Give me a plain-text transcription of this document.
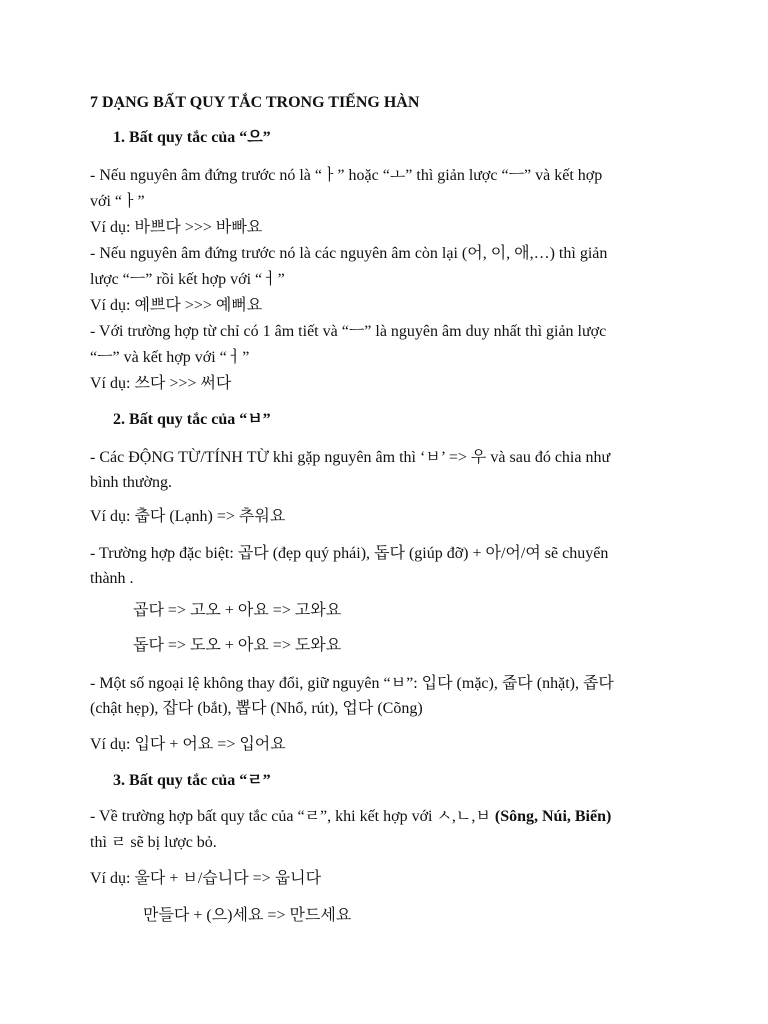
7 DẠNG BẤT QUY TẮC TRONG TIẾNG HÀN
1. Bất quy tắc của “으”
- Nếu nguyên âm đứng trước nó là “ㅏ” hoặc “ㅗ” thì giản lược “ㅡ” và kết hợp
với “ㅏ”
Ví dụ: 바쁘다 >>> 바빠요
- Nếu nguyên âm đứng trước nó là các nguyên âm còn lại (어, 이, 애,…) thì giản
lược “ㅡ” rồi kết hợp với “ㅓ”
Ví dụ: 예쁘다 >>> 예뻐요
- Với trường hợp từ chỉ có 1 âm tiết và “ㅡ” là nguyên âm duy nhất thì giản lược
“ㅡ” và kết hợp với “ㅓ”
Ví dụ: 쓰다 >>> 써다
2. Bất quy tắc của “ㅂ”
- Các ĐỘNG TỪ/TÍNH TỪ khi gặp nguyên âm thì ‘ㅂ’ => 우 và sau đó chia như
bình thường.
Ví dụ: 춥다 (Lạnh) => 추워요
- Trường hợp đặc biệt: 곱다 (đẹp quý phái), 돕다 (giúp đỡ) + 아/어/여 sẽ chuyển
thành .
곱다 => 고오 + 아요 => 고와요
돕다 => 도오 + 아요 => 도와요
- Một số ngoại lệ không thay đổi, giữ nguyên “ㅂ”: 입다 (mặc), 줍다 (nhặt), 좁다
(chật hẹp), 잡다 (bắt), 뽑다 (Nhổ, rút), 업다 (Cõng)
Ví dụ: 입다 + 어요 => 입어요
3. Bất quy tắc của “ㄹ”
- Về trường hợp bất quy tắc của “ㄹ”, khi kết hợp với ㅅ,ㄴ,ㅂ (Sông, Núi, Biển)
thì ㄹ sẽ bị lược bỏ.
Ví dụ: 울다 + ㅂ/습니다 => 웁니다
만들다 + (으)세요 => 만드세요
